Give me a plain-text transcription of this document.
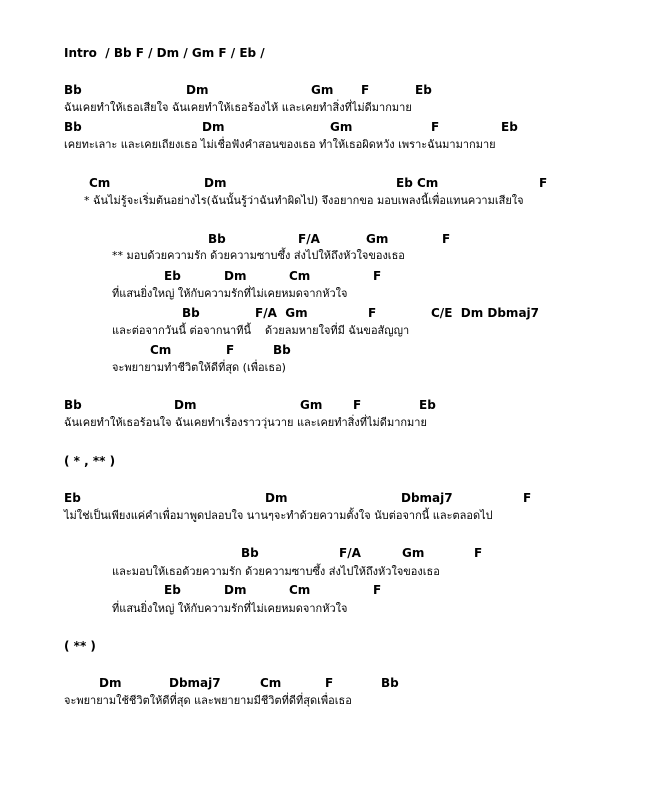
Intro  / Bb F / Dm / Gm F / Eb /

Bb

	Dm

	Gm

F

	Eb

ฉันเคยทำให้เธอเสียใจ ฉันเคยทำให้เธอร้องไห้ และเคยทำสิ่งที่ไม่ดีมากมาย

Bb

	Dm

	Gm

	F

	Eb

เคยทะเลาะ และเคยเถียงเธอ ไม่เชื่อฟังคำสอนของเธอ ทำให้เธอผิดหวัง เพราะฉันมามากมาย

Cm

	Dm

	Eb Cm

	F

* ฉันไม่รู้จะเริ่มต้นอย่างไร(ฉันนั้นรู้ว่าฉันทำผิดไป) จึงอยากขอ มอบเพลงนี้เพื่อแทนความเสียใจ

Bb

	F/A

	Gm

	F

** มอบด้วยความรัก ด้วยความซาบซึ้ง ส่งไปให้ถึงหัวใจของเธอ

Eb

	Dm

	Cm

	F

ที่แสนยิ่งใหญ่ ให้กับความรักที่ไม่เคยหมดจากหัวใจ

Bb

	F/A  Gm

	F

	C/E  Dm Dbmaj7

และต่อจากวันนี้ ต่อจากนาทีนี้    ด้วยลมหายใจที่มี ฉันขอสัญญา

Cm

	F

	Bb

จะพยายามทำชีวิตให้ดีที่สุด (เพื่อเธอ)

Bb

	Dm

	Gm

	F

	Eb

ฉันเคยทำให้เธอร้อนใจ ฉันเคยทำเรื่องราววุ่นวาย และเคยทำสิ่งที่ไม่ดีมากมาย

( * , ** )

Eb

	Dm

	Dbmaj7

	F

ไม่ใช่เป็นเพียงแค่คำเพื่อมาพูดปลอบใจ นานๆจะทำด้วยความตั้งใจ นับต่อจากนี้ และตลอดไป

Bb

	F/A

	Gm

	F

และมอบให้เธอด้วยความรัก ด้วยความซาบซึ้ง ส่งไปให้ถึงหัวใจของเธอ

Eb

	Dm

	Cm

	F

ที่แสนยิ่งใหญ่ ให้กับความรักที่ไม่เคยหมดจากหัวใจ

( ** )

Dm

	Dbmaj7

	Cm

	F

	Bb

จะพยายามใช้ชีวิตให้ดีที่สุด และพยายามมีชีวิตที่ดีที่สุดเพื่อเธอ
